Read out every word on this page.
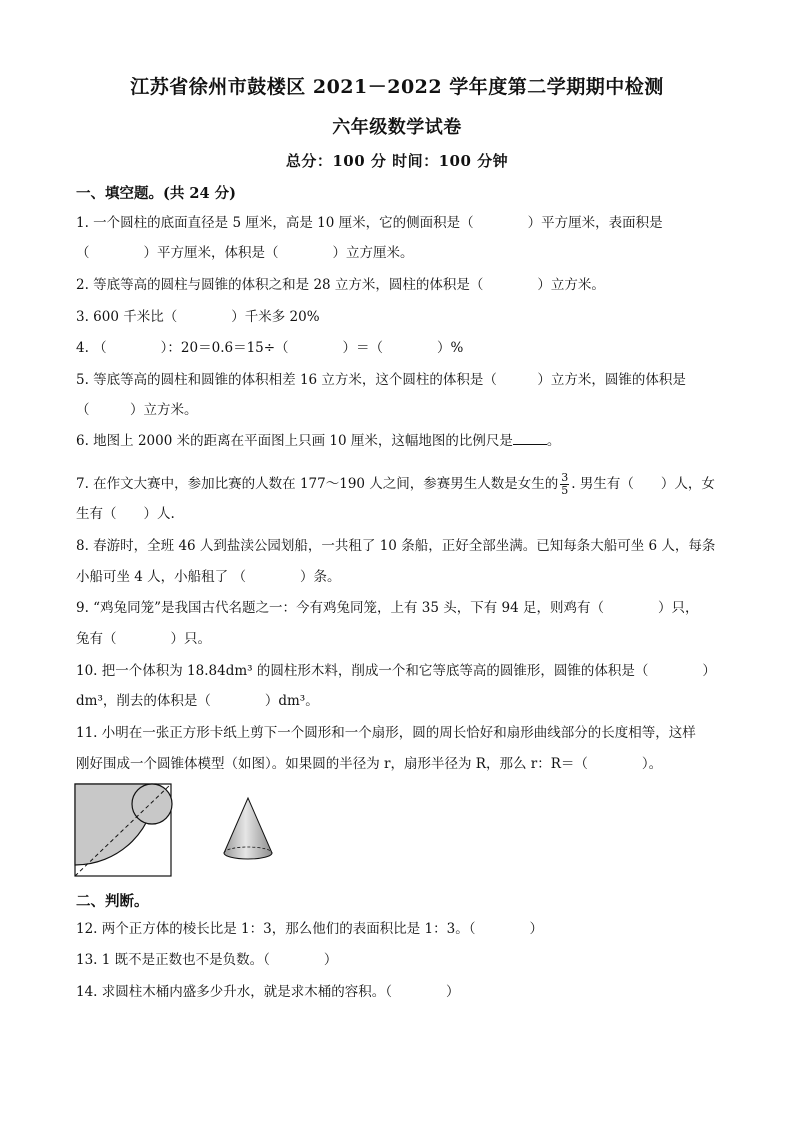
江苏省徐州市鼓楼区 2021－2022 学年度第二学期期中检测
六年级数学试卷
总分：100 分 时间：100 分钟
一、填空题。(共 24 分)
1. 一个圆柱的底面直径是 5 厘米，高是 10 厘米，它的侧面积是（　　　　）平方厘米，表面积是
（　　　　）平方厘米，体积是（　　　　）立方厘米。
2. 等底等高的圆柱与圆锥的体积之和是 28 立方米，圆柱的体积是（　　　　）立方米。
3. 600 千米比（　　　　）千米多 20%
4. （　　　　）：20＝0.6＝15÷（　　　　）＝（　　　　）%
5. 等底等高的圆柱和圆锥的体积相差 16 立方米，这个圆柱的体积是（　　　）立方米，圆锥的体积是
（　　　）立方米。
6. 地图上 2000 米的距离在平面图上只画 10 厘米，这幅地图的比例尺是	。
7. 在作文大赛中，参加比赛的人数在 177～190 人之间，参赛男生人数是女生的 $\frac{3}{5}$ . 男生有（　　）人，女
生有（　　）人.
8. 春游时，全班 46 人到盐渎公园划船，一共租了 10 条船，正好全部坐满。已知每条大船可坐 6 人，每条
小船可坐 4 人，小船租了 （　　　　）条。
9. “鸡兔同笼”是我国古代名题之一：今有鸡兔同笼，上有 35 头，下有 94 足，则鸡有（　　　　）只，
兔有（　　　　）只。
10. 把一个体积为 18.84dm³ 的圆柱形木料，削成一个和它等底等高的圆锥形，圆锥的体积是（　　　　）
dm³，削去的体积是（　　　　）dm³。
11. 小明在一张正方形卡纸上剪下一个圆形和一个扇形，圆的周长恰好和扇形曲线部分的长度相等，这样
刚好围成一个圆锥体模型（如图）。如果圆的半径为 r，扇形半径为 R，那么 r：R＝（　　　　）。
二、判断。
12. 两个正方体的棱长比是 1：3，那么他们的表面积比是 1：3。（　　　　）
13. 1 既不是正数也不是负数。（　　　　）
14. 求圆柱木桶内盛多少升水，就是求木桶的容积。（　　　　）
